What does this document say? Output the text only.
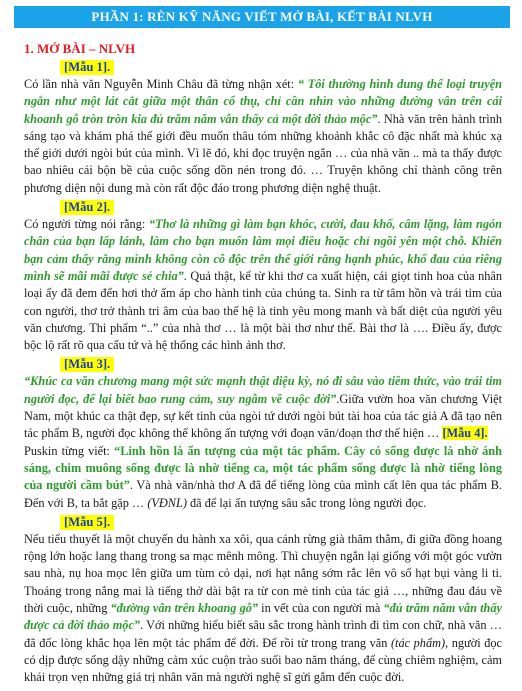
PHẦN 1: RÈN KỸ NĂNG VIẾT MỞ BÀI, KẾT BÀI NLVH
1. MỞ BÀI – NLVH
[Mẫu 1].

Có lần nhà văn Nguyễn Minh Châu đã từng nhận xét: “ Tôi thường hình dung thể loại truyện ngắn như một lát cắt giữa một thân cổ thụ, chỉ cần nhìn vào những đường vân trên cái khoanh gỗ tròn tròn kia đủ trăm năm vẫn thấy cả một đời thảo mộc”. Nhà văn trên hành trình sáng tạo và khám phá thế giới đều muốn thâu tóm những khoảnh khắc cô đặc nhất mà khúc xạ thế giới dưới ngòi bút của mình. Vì lẽ đó, khi đọc truyện ngắn … của nhà văn .. mà ta thấy được bao nhiêu cái bộn bề của cuộc sống dồn nén trong đó. … Truyện không chỉ thành công trên phương diện nội dung mà còn rất độc đáo trong phương diện nghệ thuật.

[Mẫu 2].

Có người từng nói rằng: “Thơ là những gì làm bạn khóc, cười, đau khổ, câm lặng, làm ngón chân của bạn lấp lánh, làm cho bạn muốn làm mọi điều hoặc chỉ ngồi yên một chỗ. Khiến bạn cảm thấy rằng mình không còn cô độc trên thế giới rằng hạnh phúc, khổ đau của riêng mình sẽ mãi mãi được sẻ chia”. Quả thật, kể từ khi thơ ca xuất hiện, cái giọt tinh hoa của nhân loại ấy đã đem đến hơi thở ấm áp cho hành tinh của chúng ta. Sinh ra từ tâm hồn và trái tim của con người, thơ trở thành tri âm của bao thế hệ là tinh yêu mong manh và bất diệt của người yêu văn chương. Thi phẩm “..” của nhà thơ … là một bài thơ như thế. Bài thơ là …. Điều ấy, được bộc lộ rất rõ qua cấu tứ và hệ thống các hình ảnh thơ.

[Mẫu 3].

“Khúc ca văn chương mang một sức mạnh thật diệu kỳ, nó đi sâu vào tiềm thức, vào trái tim người đọc, để lại biết bao rung cảm, suy ngẫm về cuộc đời”.Giữa vườn hoa văn chương Việt Nam, một khúc ca thật đẹp, sự kết tinh của ngòi tứ dưới ngòi bút tài hoa của tác giả A đã tạo nên tác phẩm B, người đọc không thể không ấn tượng với đoạn văn/đoạn thơ thể hiện … [Mẫu 4].

Puskin từng viết: “Linh hồn là ấn tượng của một tác phẩm. Cây có sống được là nhờ ánh sáng, chim muông sống được là nhờ tiếng ca, một tác phẩm sống được là nhờ tiếng lòng của người cầm bút”. Và nhà văn/nhà thơ A đã để tiếng lòng của mình cất lên qua tác phẩm B. Đến với B, ta bắt gặp … (VĐNL) đã để lại ấn tượng sâu sắc trong lòng người đọc.

[Mẫu 5].

Nếu tiểu thuyết là một chuyến du hành xa xôi, qua cánh rừng già thăm thẳm, đi giữa đồng hoang rộng lớn hoặc lang thang trong sa mạc mênh mông. Thì chuyện ngắn lại giống với một góc vườn sau nhà, nụ hoa mọc lên giữa um tùm cỏ dại, nơi hạt nắng sớm rắc lên vô số hạt bụi vàng li ti. Thoáng trong nắng mai là tiếng thở dài bật ra từ con mè tinh của tác giả …, những đau đáu về thời cuộc, những “đường vân trên khoang gỗ” in vết của con người mà “đủ trăm năm vẫn thấy được cả đời thảo mộc”. Với những hiểu biết sâu sắc trong hành trình đi tìm con chữ, nhà văn … đã đốc lòng khắc họa lên một tác phẩm để đời. Để rồi từ trong trang văn (tác phẩm), người đọc có dịp được sống dậy những cảm xúc cuộn trào suối bao năm tháng, để cùng chiêm nghiệm, cảm khái trọn vẹn những giá trị nhân văn mà người nghệ sĩ gửi gắm đến cuộc đời.
